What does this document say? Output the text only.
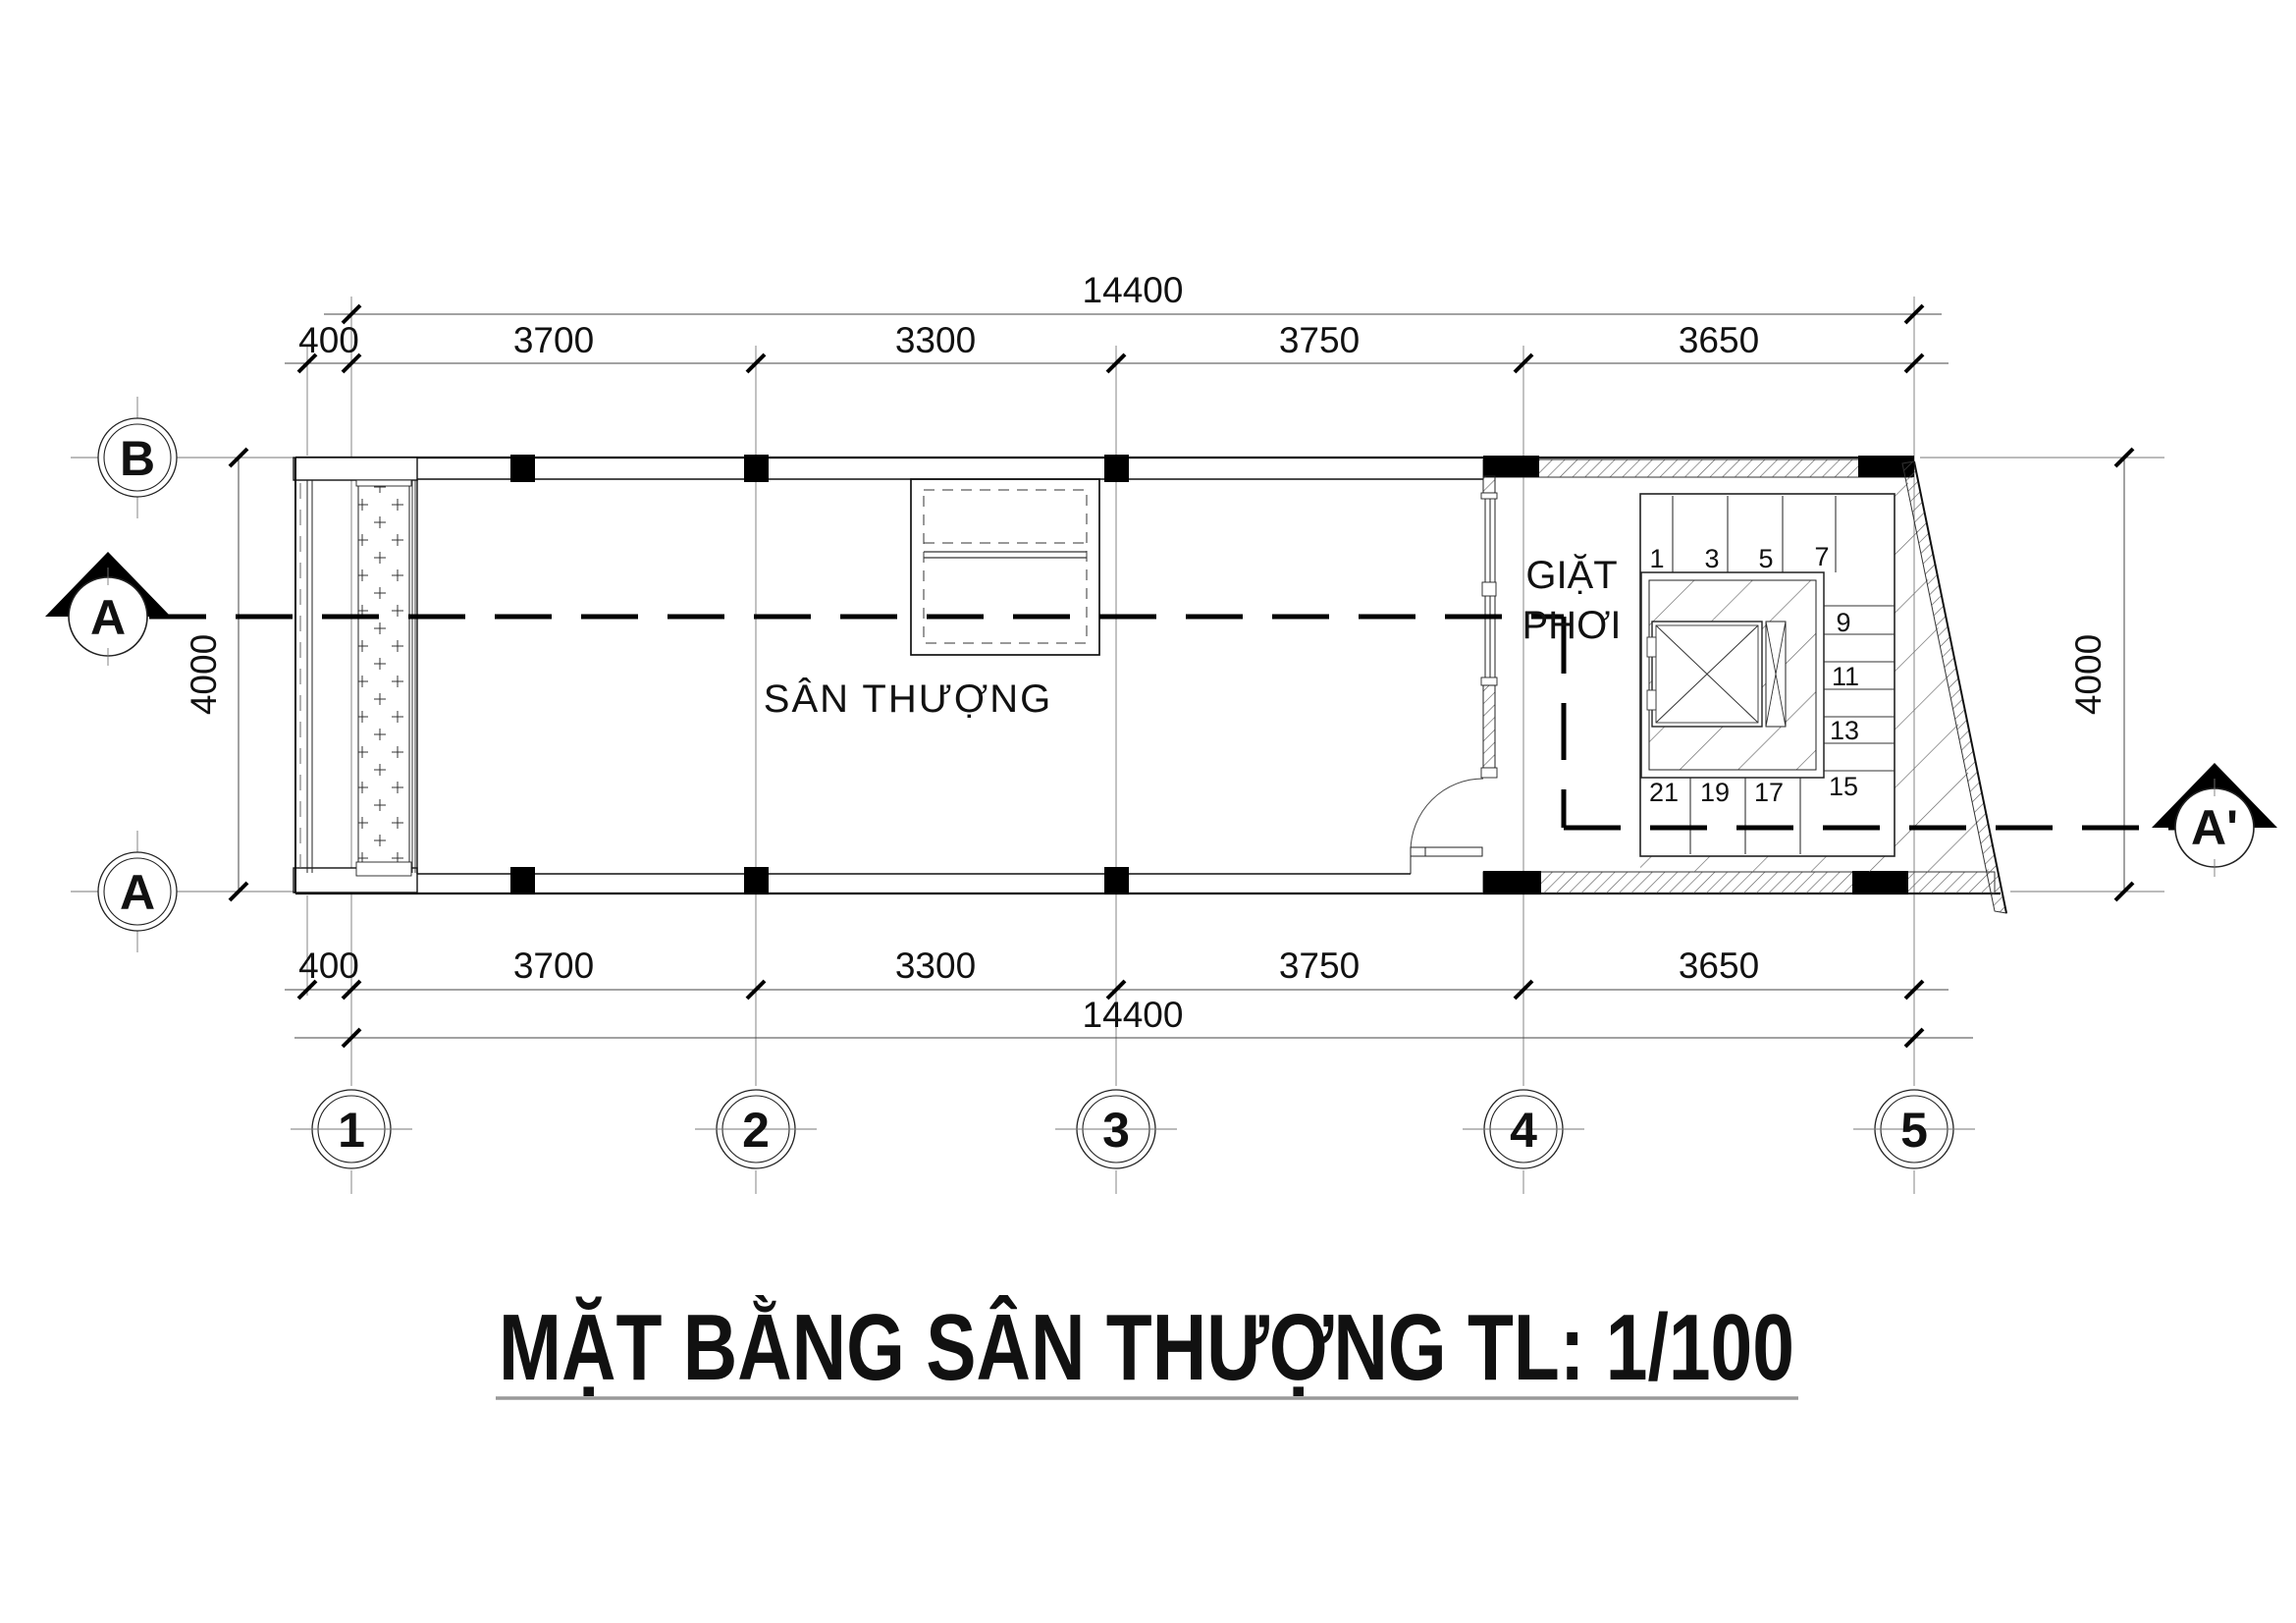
14400
400	3700	3300	3750	3650
400	3700	3300	3750	3650
14400
4000	4000
1 3 5 7
9
11
13
15
17
19
21
SÂN THƯỢNG
GIẶT
PHƠI
1	2	3	4	5
B
A
A
A'
MẶT BẰNG SÂN THƯỢNG TL: 1/100
